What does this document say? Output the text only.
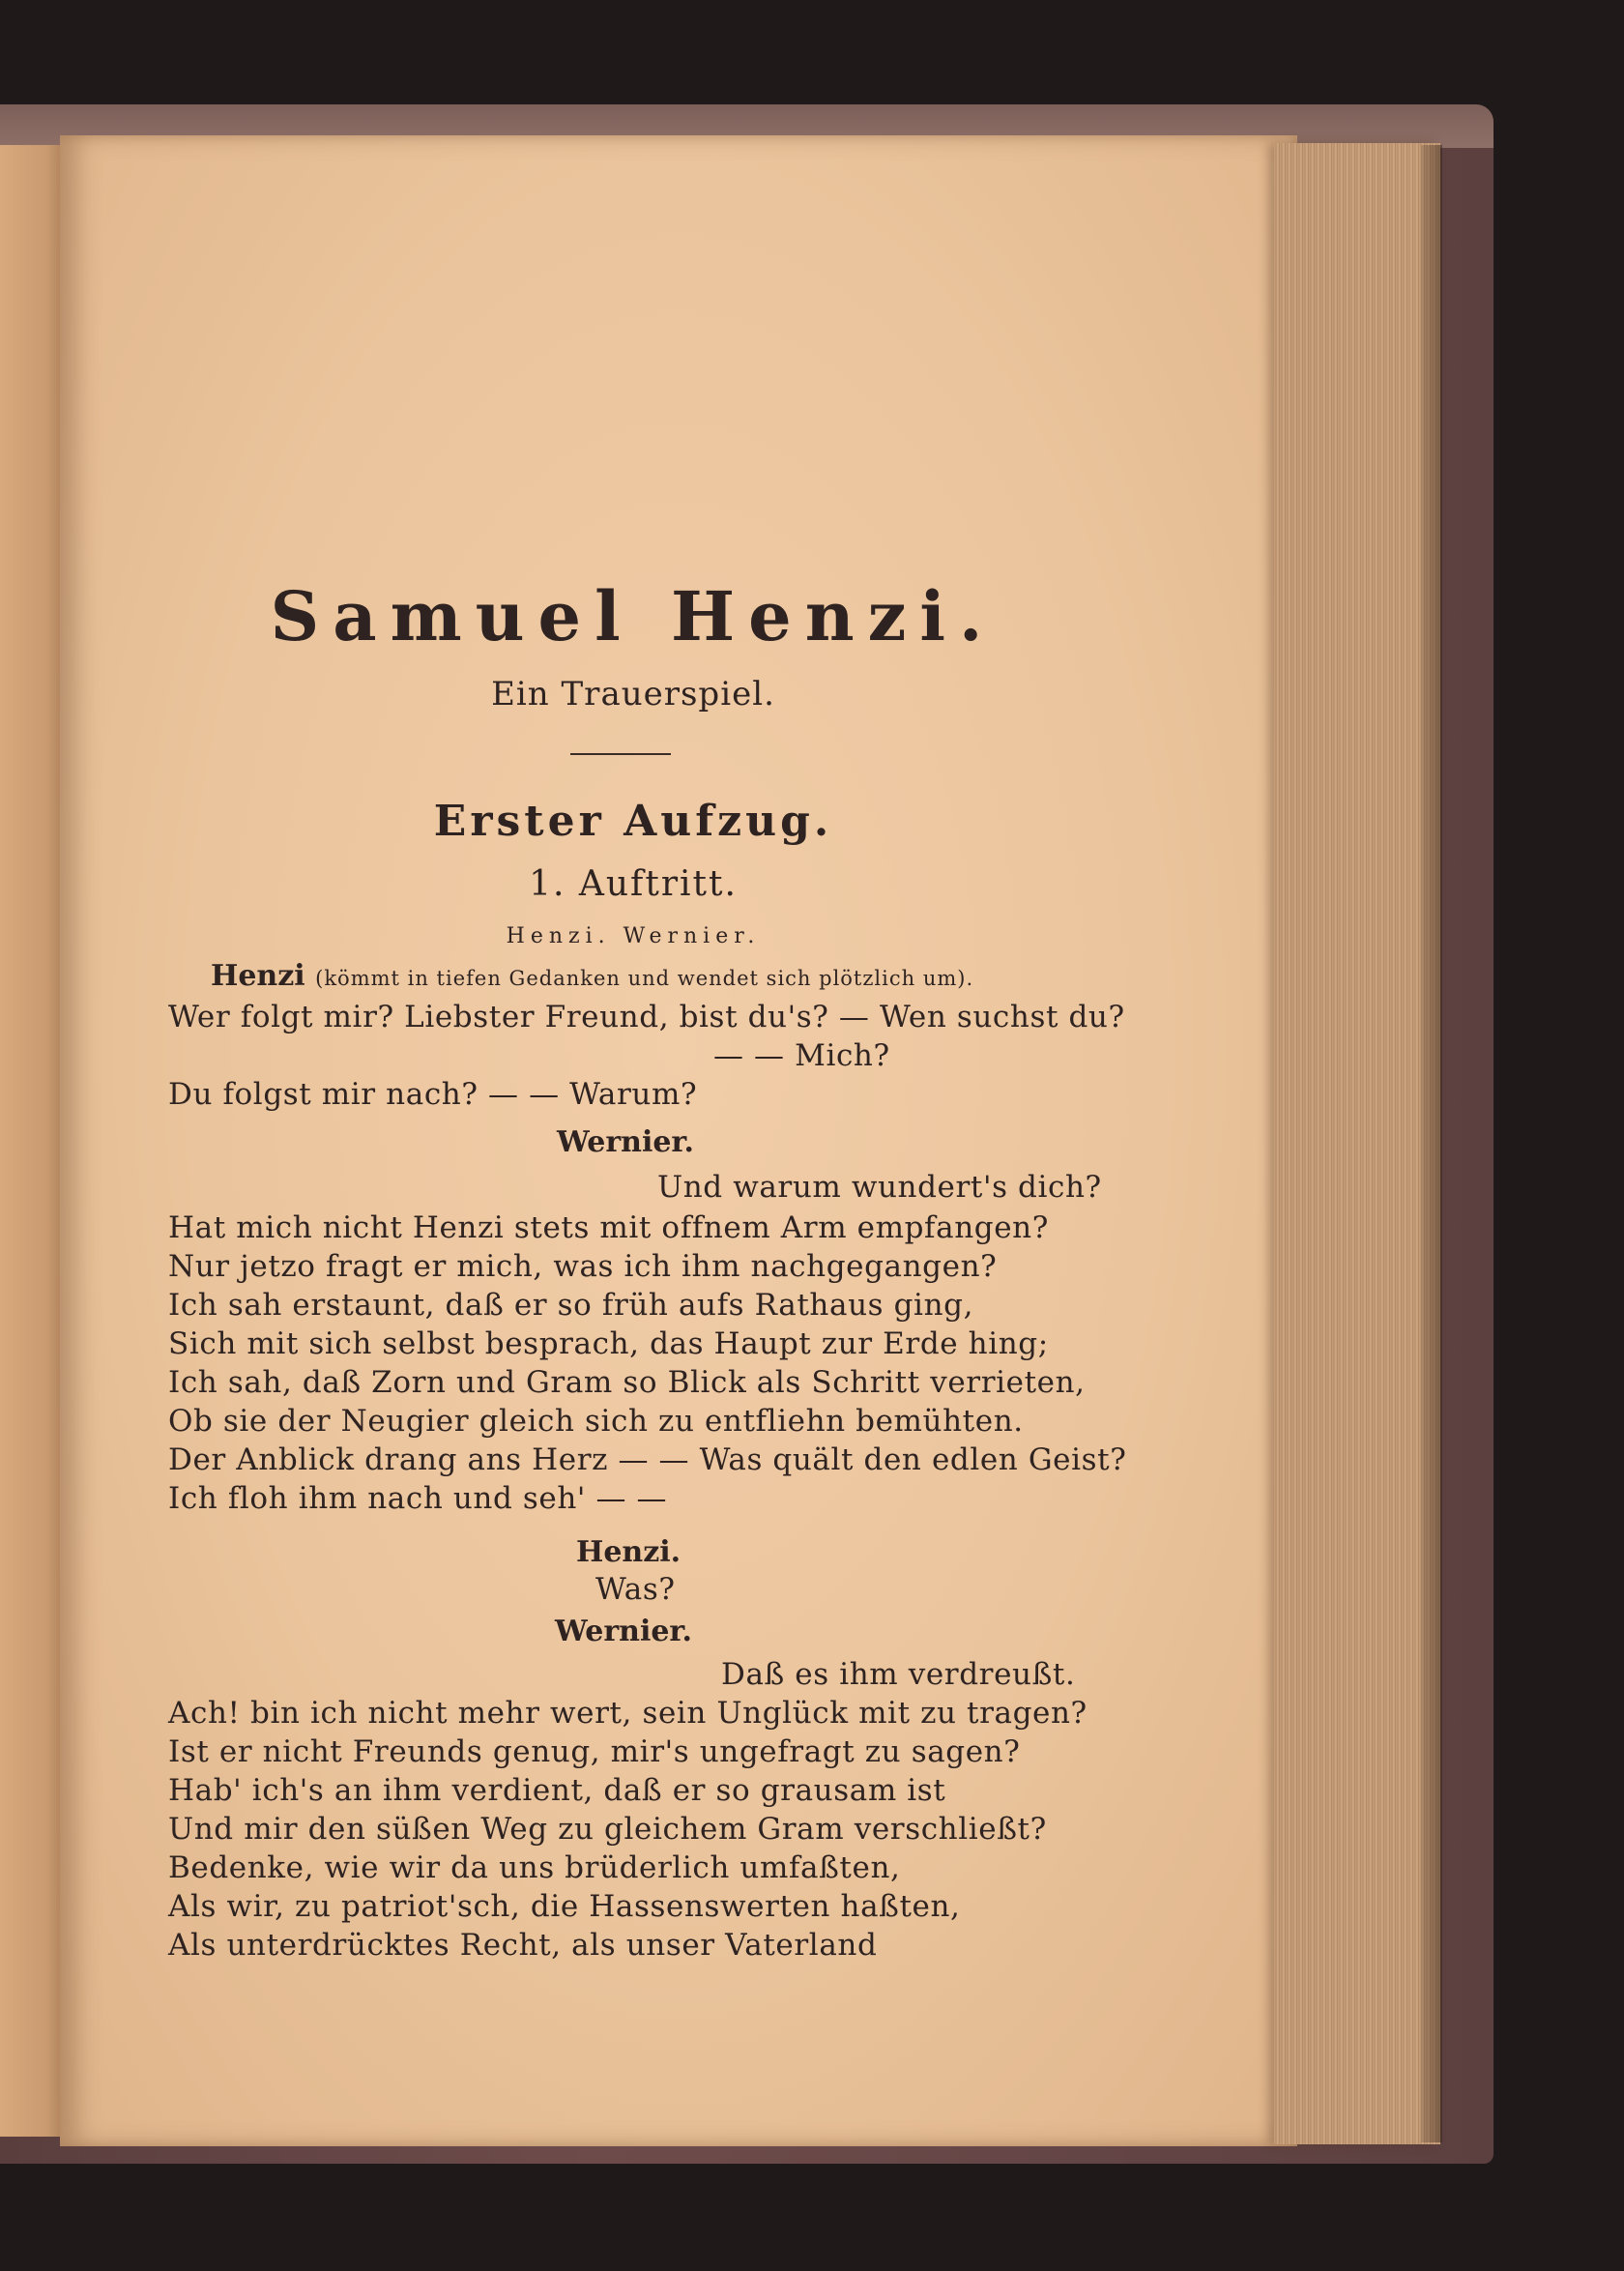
Samuel Henzi.
Ein Trauerspiel.
Erster Aufzug.
1. Auftritt.
Henzi. Wernier.
Henzi (kömmt in tiefen Gedanken und wendet sich plötzlich um).
Wer folgt mir? Liebster Freund, bist du's? — Wen suchst du?
— — Mich?
Du folgst mir nach? — — Warum?
Wernier.
Und warum wundert's dich?
Hat mich nicht Henzi stets mit offnem Arm empfangen?
Nur jetzo fragt er mich, was ich ihm nachgegangen?
Ich sah erstaunt, daß er so früh aufs Rathaus ging,
Sich mit sich selbst besprach, das Haupt zur Erde hing;
Ich sah, daß Zorn und Gram so Blick als Schritt verrieten,
Ob sie der Neugier gleich sich zu entfliehn bemühten.
Der Anblick drang ans Herz — — Was quält den edlen Geist?
Ich floh ihm nach und seh' — —
Henzi.
Was?
Wernier.
Daß es ihm verdreußt.
Ach! bin ich nicht mehr wert, sein Unglück mit zu tragen?
Ist er nicht Freunds genug, mir's ungefragt zu sagen?
Hab' ich's an ihm verdient, daß er so grausam ist
Und mir den süßen Weg zu gleichem Gram verschließt?
Bedenke, wie wir da uns brüderlich umfaßten,
Als wir, zu patriot'sch, die Hassenswerten haßten,
Als unterdrücktes Recht, als unser Vaterland
